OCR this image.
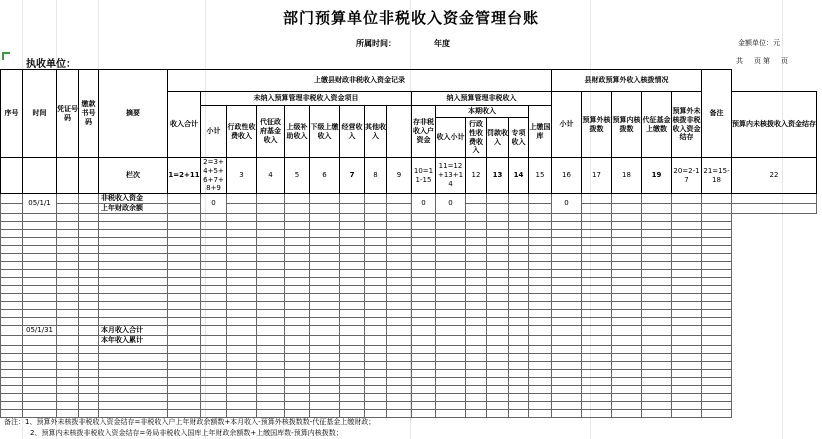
部门预算单位非税收入资金管理台账
所属时间：	年度	金额单位：元
执收单位：	共　页第　页
序号	时间	凭证号码	缴款书号码	摘要	上缴县财政非税收入资金记录															县财政预算外收入核拨情况					备注	
					收入合计	未纳入预算管理非税收入资金项目								纳入预算管理非税收入						小计	预算外核拨数	预算内核拨数	代征基金上缴数	预算外未核拨非税收入资金结存		预算内未核拨收入资金结存
						小计	行政性收费收入	代征政府基金收入	上级补助收入	下级上缴收入	经营收入	其他收入		存非税收入户资金	本期收入				上缴国库							
															收入小计	行政性收费收入	罚款收入	专项收入								
				栏次	1=2+11	2=3+4+5+6+7+8+9	3	4	5	6	7	8	9	10=11-15	11=12+13+14	12	13	14	15	16	17	18	19	20=2-17	21=15-18	22
	05/1/1			非税收入资金		0								0	0					0						
				上年财政余额																						

	05/1/31			本月收入合计																						
				本年收入累计																						

备注：1、预算外未核拨非税收入资金结存=非税收入户上年财政余额数+本月收入-预算外核拨数数-代征基金上缴财政；
2、预算内未核拨非税收入资金结存=务局非税收入国库上年财政余额数+上缴国库数-预算内核拨数；
